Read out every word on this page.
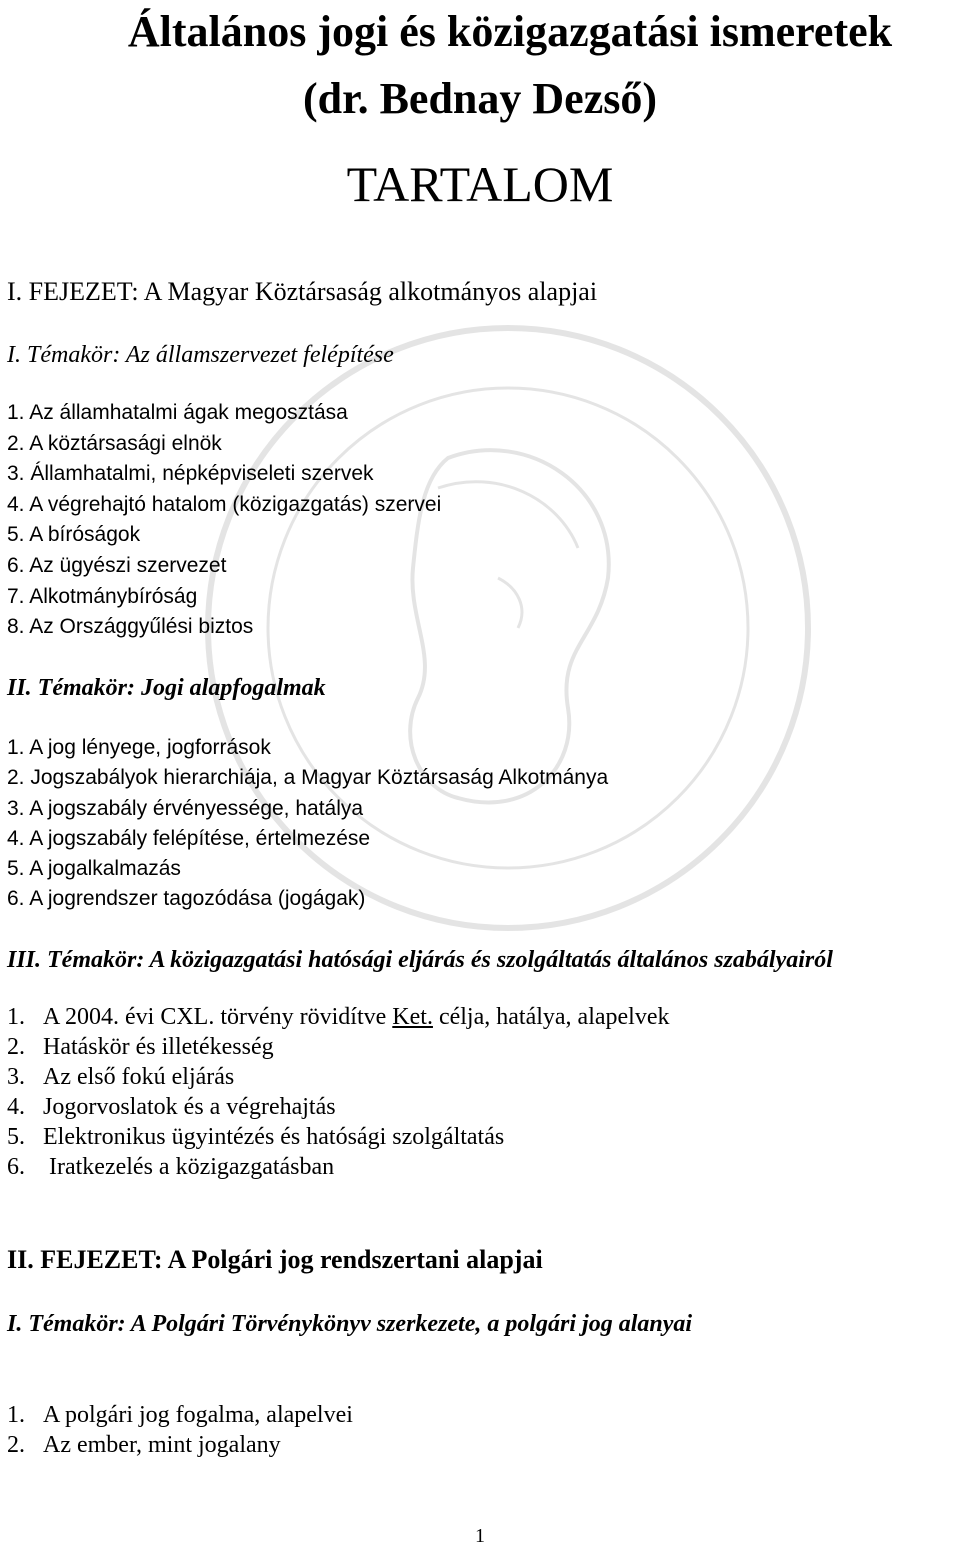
Általános jogi és közigazgatási ismeretek
(dr. Bednay Dezső)
TARTALOM
I. FEJEZET: A Magyar Köztársaság alkotmányos alapjai
I. Témakör: Az államszervezet felépítése
1. Az államhatalmi ágak megosztása
2. A köztársasági elnök
3. Államhatalmi, népképviseleti szervek
4. A végrehajtó hatalom (közigazgatás) szervei
5. A bíróságok
6. Az ügyészi szervezet
7. Alkotmánybíróság
8. Az Országgyűlési biztos
II. Témakör: Jogi alapfogalmak
1. A jog lényege, jogforrások
2. Jogszabályok hierarchiája, a Magyar Köztársaság Alkotmánya
3. A jogszabály érvényessége, hatálya
4. A jogszabály felépítése, értelmezése
5. A jogalkalmazás
6. A jogrendszer tagozódása (jogágak)
III. Témakör: A közigazgatási hatósági eljárás és szolgáltatás általános szabályairól
1. A 2004. évi CXL. törvény rövidítve Ket. célja, hatálya, alapelvek
2. Hatáskör és illetékesség
3. Az első fokú eljárás
4. Jogorvoslatok és a végrehajtás
5. Elektronikus ügyintézés és hatósági szolgáltatás
6. Iratkezelés a közigazgatásban
II. FEJEZET: A Polgári jog rendszertani alapjai
I. Témakör: A Polgári Törvénykönyv szerkezete, a polgári jog alanyai
1. A polgári jog fogalma, alapelvei
2. Az ember, mint jogalany
1
